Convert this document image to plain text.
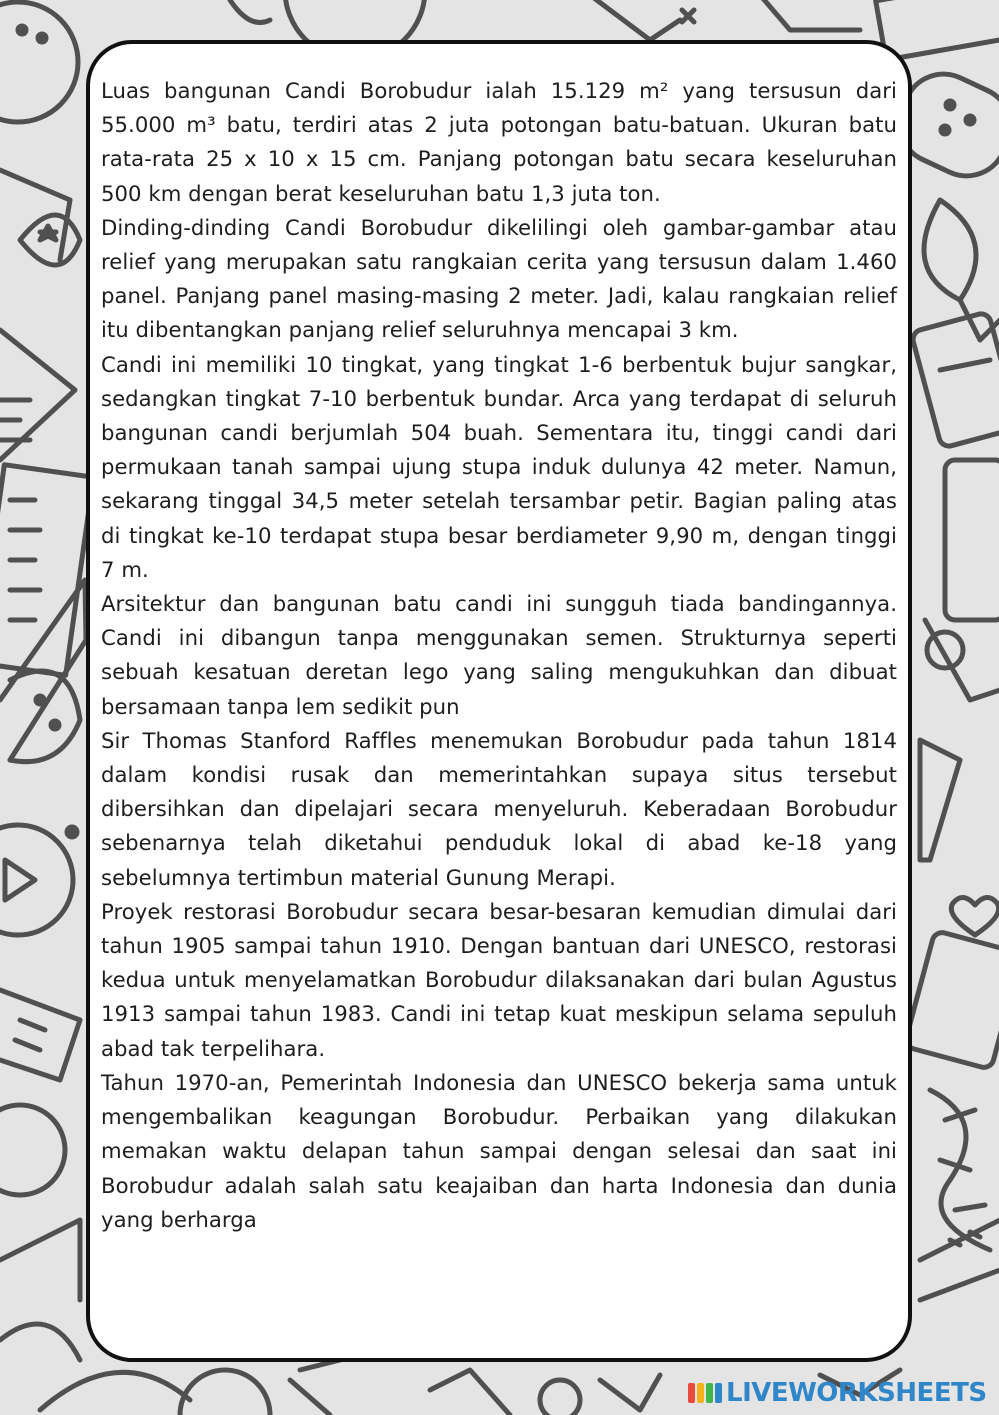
Luas bangunan Candi Borobudur ialah 15.129 m² yang tersusun dari 55.000 m³ batu, terdiri atas 2 juta potongan batu-batuan. Ukuran batu rata-rata 25 x 10 x 15 cm. Panjang potongan batu secara keseluruhan 500 km dengan berat keseluruhan batu 1,3 juta ton.

Dinding-dinding Candi Borobudur dikelilingi oleh gambar-gambar atau relief yang merupakan satu rangkaian cerita yang tersusun dalam 1.460 panel. Panjang panel masing-masing 2 meter. Jadi, kalau rangkaian relief itu dibentangkan panjang relief seluruhnya mencapai 3 km.

Candi ini memiliki 10 tingkat, yang tingkat 1-6 berbentuk bujur sangkar, sedangkan tingkat 7-10 berbentuk bundar. Arca yang terdapat di seluruh bangunan candi berjumlah 504 buah. Sementara itu, tinggi candi dari permukaan tanah sampai ujung stupa induk dulunya 42 meter. Namun, sekarang tinggal 34,5 meter setelah tersambar petir. Bagian paling atas di tingkat ke-10 terdapat stupa besar berdiameter 9,90 m, dengan tinggi 7 m.

Arsitektur dan bangunan batu candi ini sungguh tiada bandingannya. Candi ini dibangun tanpa menggunakan semen. Strukturnya seperti sebuah kesatuan deretan lego yang saling mengukuhkan dan dibuat bersamaan tanpa lem sedikit pun

Sir Thomas Stanford Raffles menemukan Borobudur pada tahun 1814 dalam kondisi rusak dan memerintahkan supaya situs tersebut dibersihkan dan dipelajari secara menyeluruh. Keberadaan Borobudur sebenarnya telah diketahui penduduk lokal di abad ke-18 yang sebelumnya tertimbun material Gunung Merapi.

Proyek restorasi Borobudur secara besar-besaran kemudian dimulai dari tahun 1905 sampai tahun 1910. Dengan bantuan dari UNESCO, restorasi kedua untuk menyelamatkan Borobudur dilaksanakan dari bulan Agustus 1913 sampai tahun 1983. Candi ini tetap kuat meskipun selama sepuluh abad tak terpelihara.

Tahun 1970-an, Pemerintah Indonesia dan UNESCO bekerja sama untuk mengembalikan keagungan Borobudur. Perbaikan yang dilakukan memakan waktu delapan tahun sampai dengan selesai dan saat ini Borobudur adalah salah satu keajaiban dan harta Indonesia dan dunia yang berharga

LIVEWORKSHEETS
